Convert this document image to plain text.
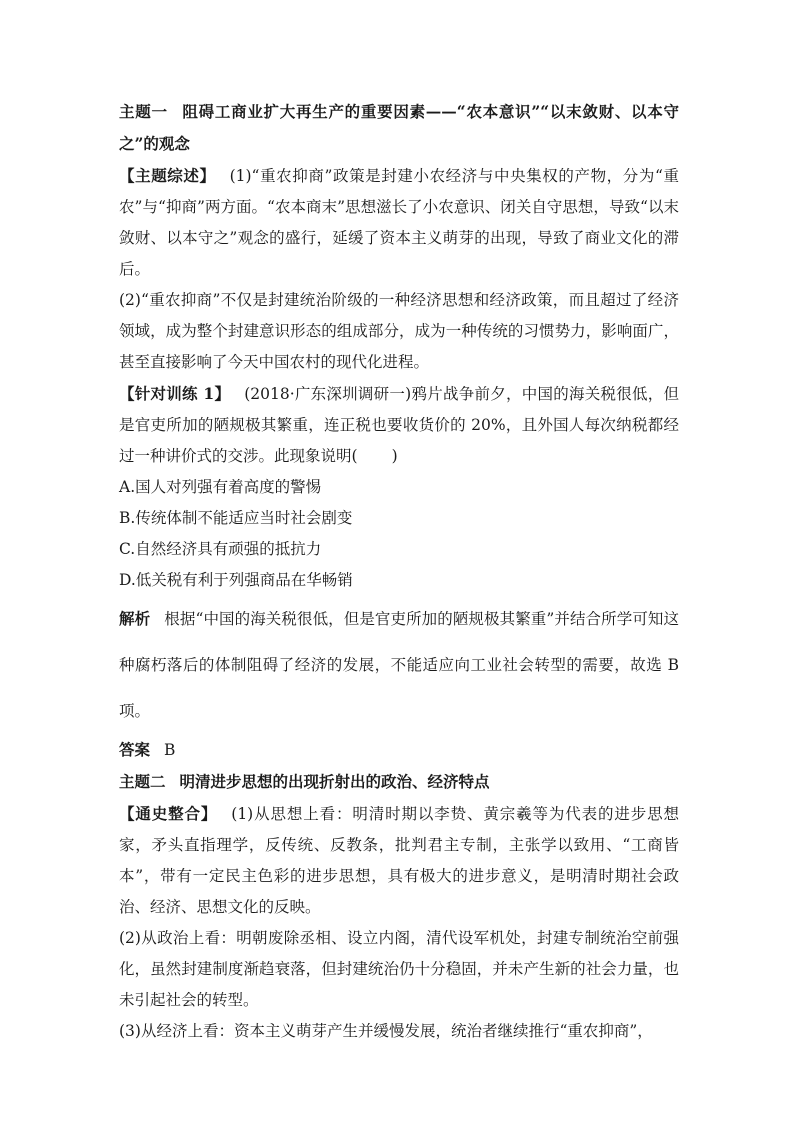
主题一 阻碍工商业扩大再生产的重要因素——“农本意识”“以末敛财、以本守之”的观念

【主题综述】 (1)“重农抑商”政策是封建小农经济与中央集权的产物，分为“重农”与“抑商”两方面。“农本商末”思想滋长了小农意识、闭关自守思想，导致“以末敛财、以本守之”观念的盛行，延缓了资本主义萌芽的出现，导致了商业文化的滞后。

(2)“重农抑商”不仅是封建统治阶级的一种经济思想和经济政策，而且超过了经济领域，成为整个封建意识形态的组成部分，成为一种传统的习惯势力，影响面广，甚至直接影响了今天中国农村的现代化进程。

【针对训练 1】 (2018·广东深圳调研一)鸦片战争前夕，中国的海关税很低，但是官吏所加的陋规极其繁重，连正税也要收货价的 20%，且外国人每次纳税都经过一种讲价式的交涉。此现象说明( )

A.国人对列强有着高度的警惕

B.传统体制不能适应当时社会剧变

C.自然经济具有顽强的抵抗力

D.低关税有利于列强商品在华畅销

解析 根据“中国的海关税很低，但是官吏所加的陋规极其繁重”并结合所学可知这种腐朽落后的体制阻碍了经济的发展，不能适应向工业社会转型的需要，故选 B 项。

答案 B

主题二 明清进步思想的出现折射出的政治、经济特点

【通史整合】 (1)从思想上看：明清时期以李贽、黄宗羲等为代表的进步思想家，矛头直指理学，反传统、反教条，批判君主专制，主张学以致用、“工商皆本”，带有一定民主色彩的进步思想，具有极大的进步意义，是明清时期社会政治、经济、思想文化的反映。

(2)从政治上看：明朝废除丞相、设立内阁，清代设军机处，封建专制统治空前强化，虽然封建制度渐趋衰落，但封建统治仍十分稳固，并未产生新的社会力量，也未引起社会的转型。

(3)从经济上看：资本主义萌芽产生并缓慢发展，统治者继续推行“重农抑商”，
